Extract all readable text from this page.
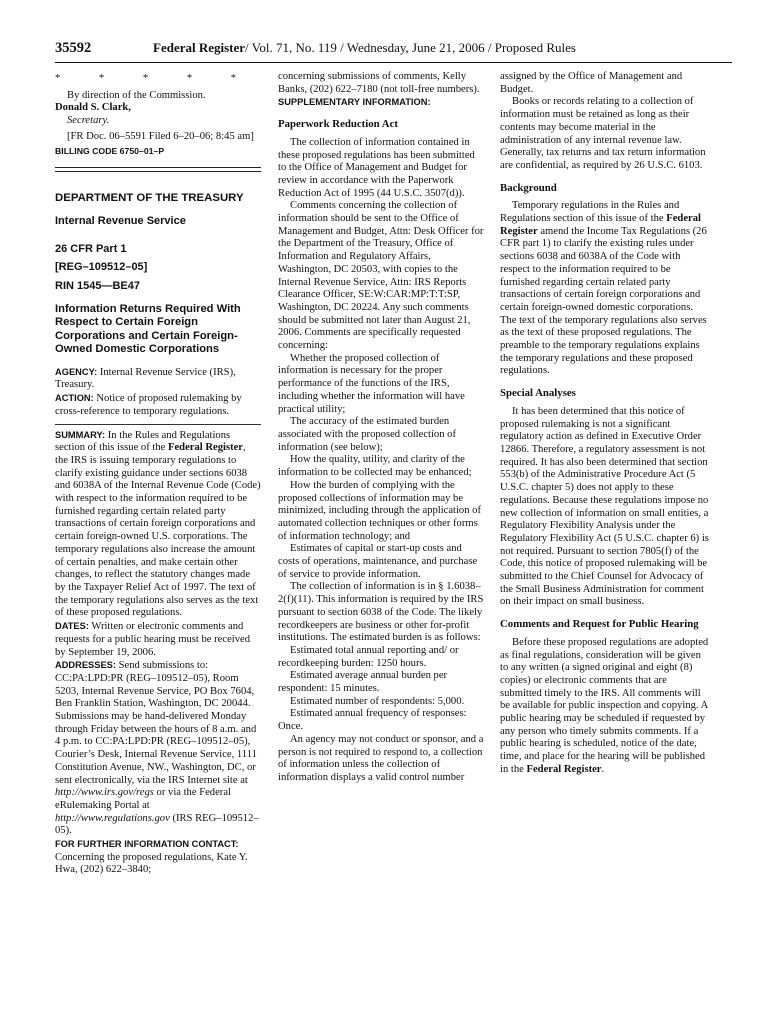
35592	Federal Register/ Vol. 71, No. 119 / Wednesday, June 21, 2006 / Proposed Rules
* * * * *

By direction of the Commission.

Donald S. Clark,

Secretary.

[FR Doc. 06–5591 Filed 6–20–06; 8:45 am]

BILLING CODE 6750–01–P

DEPARTMENT OF THE TREASURY

Internal Revenue Service

26 CFR Part 1

[REG–109512–05]

RIN 1545—BE47

Information Returns Required With Respect to Certain Foreign Corporations and Certain Foreign-Owned Domestic Corporations

AGENCY: Internal Revenue Service (IRS), Treasury.

ACTION: Notice of proposed rulemaking by cross-reference to temporary regulations.

SUMMARY: In the Rules and Regulations section of this issue of the Federal Register, the IRS is issuing temporary regulations to clarify existing guidance under sections 6038 and 6038A of the Internal Revenue Code (Code) with respect to the information required to be furnished regarding certain related party transactions of certain foreign corporations and certain foreign-owned U.S. corporations. The temporary regulations also increase the amount of certain penalties, and make certain other changes, to reflect the statutory changes made by the Taxpayer Relief Act of 1997. The text of the temporary regulations also serves as the text of these proposed regulations.

DATES: Written or electronic comments and requests for a public hearing must be received by September 19, 2006.

ADDRESSES: Send submissions to: CC:PA:LPD:PR (REG–109512–05), Room 5203, Internal Revenue Service, PO Box 7604, Ben Franklin Station, Washington, DC 20044. Submissions may be hand-delivered Monday through Friday between the hours of 8 a.m. and 4 p.m. to CC:PA:LPD:PR (REG–109512–05), Courier’s Desk, Internal Revenue Service, 1111 Constitution Avenue, NW., Washington, DC, or sent electronically, via the IRS Internet site at http://www.irs.gov/regs or via the Federal eRulemaking Portal at http://www.regulations.gov (IRS REG–109512–05).

FOR FURTHER INFORMATION CONTACT:
Concerning the proposed regulations, Kate Y. Hwa, (202) 622–3840;

concerning submissions of comments, Kelly Banks, (202) 622–7180 (not toll-free numbers).

SUPPLEMENTARY INFORMATION:

Paperwork Reduction Act

The collection of information contained in these proposed regulations has been submitted to the Office of Management and Budget for review in accordance with the Paperwork Reduction Act of 1995 (44 U.S.C. 3507(d)).

Comments concerning the collection of information should be sent to the Office of Management and Budget, Attn: Desk Officer for the Department of the Treasury, Office of Information and Regulatory Affairs, Washington, DC 20503, with copies to the Internal Revenue Service, Attn: IRS Reports Clearance Officer, SE:W:CAR:MP:T:T:SP, Washington, DC 20224. Any such comments should be submitted not later than August 21, 2006. Comments are specifically requested concerning:

Whether the proposed collection of information is necessary for the proper performance of the functions of the IRS, including whether the information will have practical utility;

The accuracy of the estimated burden associated with the proposed collection of information (see below);

How the quality, utility, and clarity of the information to be collected may be enhanced;

How the burden of complying with the proposed collections of information may be minimized, including through the application of automated collection techniques or other forms of information technology; and

Estimates of capital or start-up costs and costs of operations, maintenance, and purchase of service to provide information.

The collection of information is in § 1.6038–2(f)(11). This information is required by the IRS pursuant to section 6038 of the Code. The likely recordkeepers are business or other for-profit institutions. The estimated burden is as follows:

Estimated total annual reporting and/ or recordkeeping burden: 1250 hours.

Estimated average annual burden per respondent: 15 minutes.

Estimated number of respondents: 5,000.

Estimated annual frequency of responses: Once.

An agency may not conduct or sponsor, and a person is not required to respond to, a collection of information unless the collection of information displays a valid control number

assigned by the Office of Management and Budget.

Books or records relating to a collection of information must be retained as long as their contents may become material in the administration of any internal revenue law. Generally, tax returns and tax return information are confidential, as required by 26 U.S.C. 6103.

Background

Temporary regulations in the Rules and Regulations section of this issue of the Federal Register amend the Income Tax Regulations (26 CFR part 1) to clarify the existing rules under sections 6038 and 6038A of the Code with respect to the information required to be furnished regarding certain related party transactions of certain foreign corporations and certain foreign-owned domestic corporations. The text of the temporary regulations also serves as the text of these proposed regulations. The preamble to the temporary regulations explains the temporary regulations and these proposed regulations.

Special Analyses

It has been determined that this notice of proposed rulemaking is not a significant regulatory action as defined in Executive Order 12866. Therefore, a regulatory assessment is not required. It has also been determined that section 553(b) of the Administrative Procedure Act (5 U.S.C. chapter 5) does not apply to these regulations. Because these regulations impose no new collection of information on small entities, a Regulatory Flexibility Analysis under the Regulatory Flexibility Act (5 U.S.C. chapter 6) is not required. Pursuant to section 7805(f) of the Code, this notice of proposed rulemaking will be submitted to the Chief Counsel for Advocacy of the Small Business Administration for comment on their impact on small business.

Comments and Request for Public Hearing

Before these proposed regulations are adopted as final regulations, consideration will be given to any written (a signed original and eight (8) copies) or electronic comments that are submitted timely to the IRS. All comments will be available for public inspection and copying. A public hearing may be scheduled if requested by any person who timely submits comments. If a public hearing is scheduled, notice of the date, time, and place for the hearing will be published in the Federal Register.
